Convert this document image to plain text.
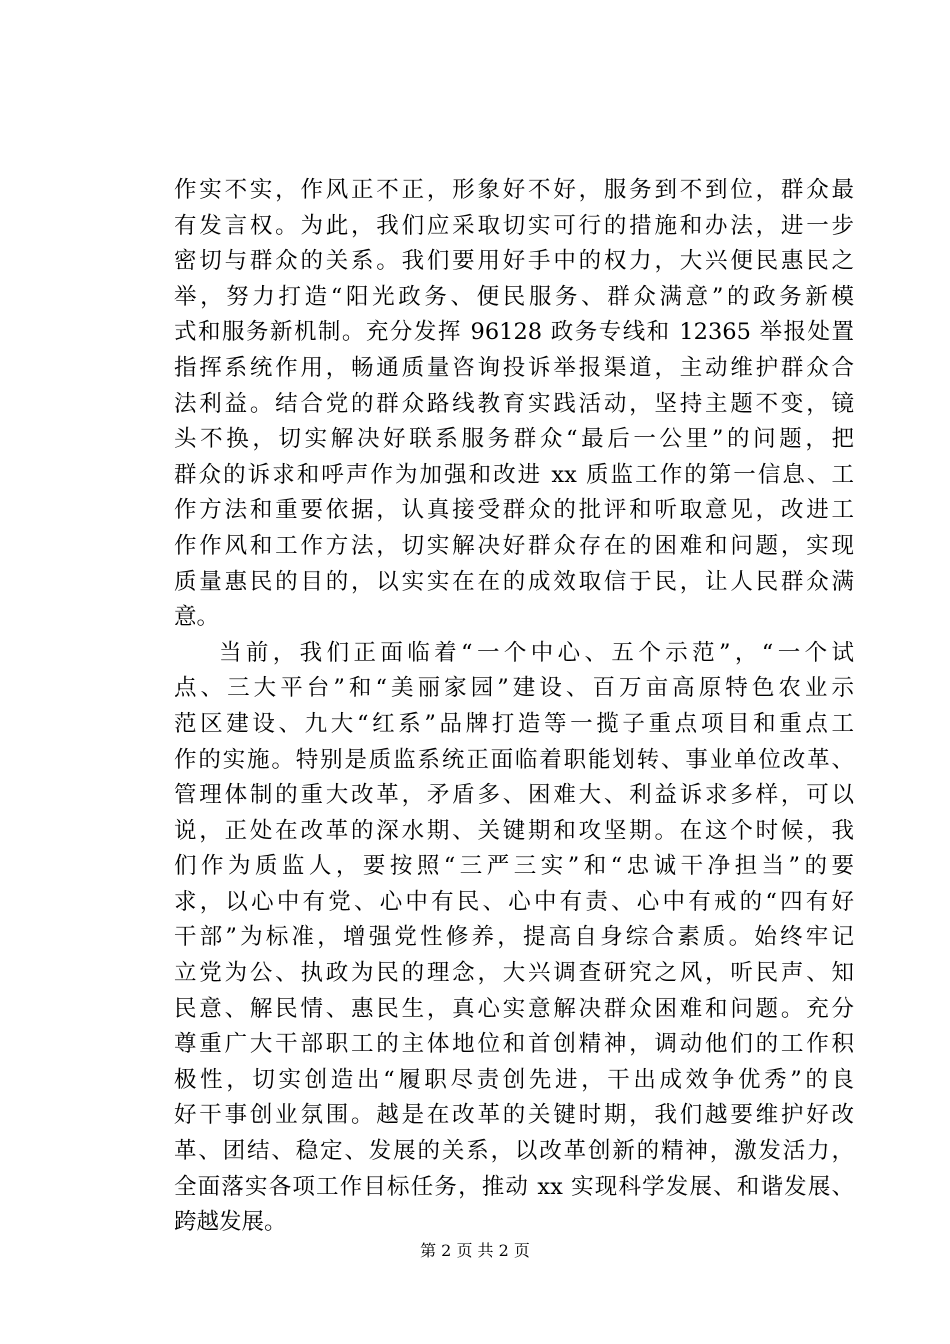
作实不实，作风正不正，形象好不好，服务到不到位，群众最
有发言权。为此，我们应采取切实可行的措施和办法，进一步
密切与群众的关系。我们要用好手中的权力，大兴便民惠民之
举，努力打造“阳光政务、便民服务、群众满意”的政务新模
式和服务新机制。充分发挥 96128 政务专线和 12365 举报处置
指挥系统作用，畅通质量咨询投诉举报渠道，主动维护群众合
法利益。结合党的群众路线教育实践活动，坚持主题不变，镜
头不换，切实解决好联系服务群众“最后一公里”的问题，把
群众的诉求和呼声作为加强和改进 xx 质监工作的第一信息、工
作方法和重要依据，认真接受群众的批评和听取意见，改进工
作作风和工作方法，切实解决好群众存在的困难和问题，实现
质量惠民的目的，以实实在在的成效取信于民，让人民群众满
意。
当前，我们正面临着“一个中心、五个示范”，“一个试
点、三大平台”和“美丽家园”建设、百万亩高原特色农业示
范区建设、九大“红系”品牌打造等一揽子重点项目和重点工
作的实施。特别是质监系统正面临着职能划转、事业单位改革、
管理体制的重大改革，矛盾多、困难大、利益诉求多样，可以
说，正处在改革的深水期、关键期和攻坚期。在这个时候，我
们作为质监人，要按照“三严三实”和“忠诚干净担当”的要
求，以心中有党、心中有民、心中有责、心中有戒的“四有好
干部”为标准，增强党性修养，提高自身综合素质。始终牢记
立党为公、执政为民的理念，大兴调查研究之风，听民声、知
民意、解民情、惠民生，真心实意解决群众困难和问题。充分
尊重广大干部职工的主体地位和首创精神，调动他们的工作积
极性，切实创造出“履职尽责创先进，干出成效争优秀”的良
好干事创业氛围。越是在改革的关键时期，我们越要维护好改
革、团结、稳定、发展的关系，以改革创新的精神，激发活力，
全面落实各项工作目标任务，推动 xx 实现科学发展、和谐发展、
跨越发展。
第 2 页 共 2 页
